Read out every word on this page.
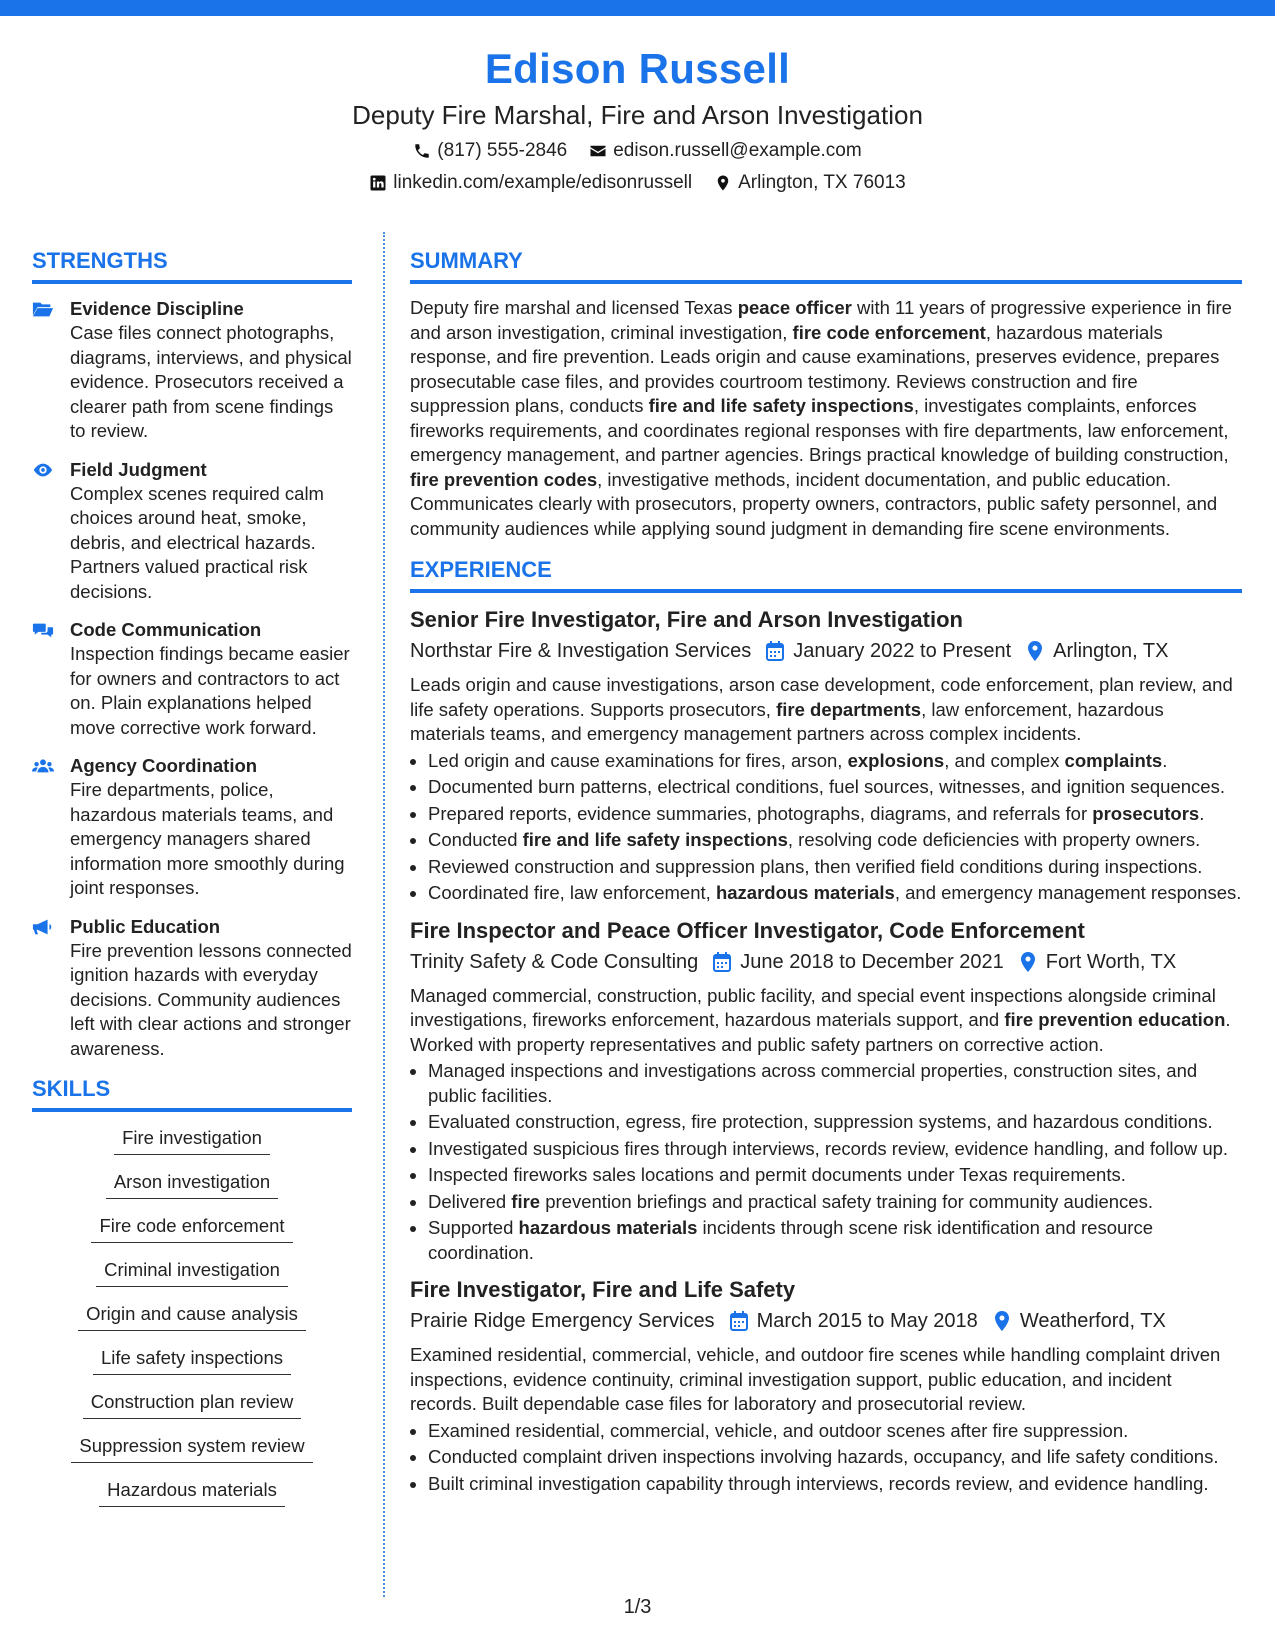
Edison Russell
Deputy Fire Marshal, Fire and Arson Investigation
(817) 555-2846 edison.russell@example.com
linkedin.com/example/edisonrussell Arlington, TX 76013
STRENGTHS
Evidence Discipline

Case files connect photographs, diagrams, interviews, and physical evidence. Prosecutors received a clearer path from scene findings to review.

Field Judgment

Complex scenes required calm choices around heat, smoke, debris, and electrical hazards. Partners valued practical risk decisions.

Code Communication

Inspection findings became easier for owners and contractors to act on. Plain explanations helped move corrective work forward.

Agency Coordination

Fire departments, police, hazardous materials teams, and emergency managers shared information more smoothly during joint responses.

Public Education

Fire prevention lessons connected ignition hazards with everyday decisions. Community audiences left with clear actions and stronger awareness.

SKILLS
Fire investigation
Arson investigation
Fire code enforcement
Criminal investigation
Origin and cause analysis
Life safety inspections
Construction plan review
Suppression system review
Hazardous materials
SUMMARY

Deputy fire marshal and licensed Texas peace officer with 11 years of progressive experience in fire and arson investigation, criminal investigation, fire code enforcement, hazardous materials response, and fire prevention. Leads origin and cause examinations, preserves evidence, prepares prosecutable case files, and provides courtroom testimony. Reviews construction and fire suppression plans, conducts fire and life safety inspections, investigates complaints, enforces fireworks requirements, and coordinates regional responses with fire departments, law enforcement, emergency management, and partner agencies. Brings practical knowledge of building construction, fire prevention codes, investigative methods, incident documentation, and public education. Communicates clearly with prosecutors, property owners, contractors, public safety personnel, and community audiences while applying sound judgment in demanding fire scene environments.

EXPERIENCE
Senior Fire Investigator, Fire and Arson Investigation
Northstar Fire & Investigation Services January 2022 to Present Arlington, TX

Leads origin and cause investigations, arson case development, code enforcement, plan review, and life safety operations. Supports prosecutors, fire departments, law enforcement, hazardous materials teams, and emergency management partners across complex incidents.

• Led origin and cause examinations for fires, arson, explosions, and complex complaints.
• Documented burn patterns, electrical conditions, fuel sources, witnesses, and ignition sequences.
• Prepared reports, evidence summaries, photographs, diagrams, and referrals for prosecutors.
• Conducted fire and life safety inspections, resolving code deficiencies with property owners.
• Reviewed construction and suppression plans, then verified field conditions during inspections.
• Coordinated fire, law enforcement, hazardous materials, and emergency management responses.
Fire Inspector and Peace Officer Investigator, Code Enforcement
Trinity Safety & Code Consulting June 2018 to December 2021 Fort Worth, TX

Managed commercial, construction, public facility, and special event inspections alongside criminal investigations, fireworks enforcement, hazardous materials support, and fire prevention education. Worked with property representatives and public safety partners on corrective action.

• Managed inspections and investigations across commercial properties, construction sites, and public facilities.
• Evaluated construction, egress, fire protection, suppression systems, and hazardous conditions.
• Investigated suspicious fires through interviews, records review, evidence handling, and follow up.
• Inspected fireworks sales locations and permit documents under Texas requirements.
• Delivered fire prevention briefings and practical safety training for community audiences.
• Supported hazardous materials incidents through scene risk identification and resource coordination.
Fire Investigator, Fire and Life Safety
Prairie Ridge Emergency Services March 2015 to May 2018 Weatherford, TX

Examined residential, commercial, vehicle, and outdoor fire scenes while handling complaint driven inspections, evidence continuity, criminal investigation support, public education, and incident records. Built dependable case files for laboratory and prosecutorial review.

• Examined residential, commercial, vehicle, and outdoor scenes after fire suppression.
• Conducted complaint driven inspections involving hazards, occupancy, and life safety conditions.
• Built criminal investigation capability through interviews, records review, and evidence handling.
1/3
